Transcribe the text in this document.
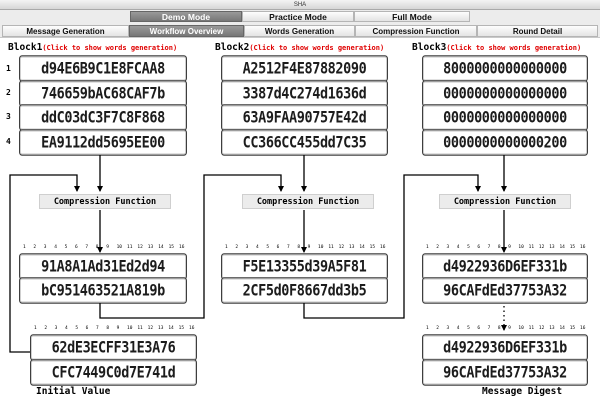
SHA
Demo Mode	Practice Mode	Full Mode
Message Generation	Workflow Overview	Words Generation	Compression Function	Round Detail
Block1(Click to show words generation)	Block2(Click to show words generation)	Block3(Click to show words generation)
1
2
3
4
d94E6B9C1E8FCAA8
746659bAC68CAF7b
ddC03dC3F7C8F868
EA9112dd5695EE00
A2512F4E87882090
3387d4C274d1636d
63A9FAA90757E42d
CC366CC455dd7C35
8000000000000000
0000000000000000
0000000000000000
0000000000000200
Compression Function	Compression Function	Compression Function
1 2 3 4 5 6 7 8 9 10 11 12 13 14 15 16	1 2 3 4 5 6 7 8 9 10 11 12 13 14 15 16	1 2 3 4 5 6 7 8 9 10 11 12 13 14 15 16
1 2 3 4 5 6 7 8 9 10 11 12 13 14 15 16	1 2 3 4 5 6 7 8 9 10 11 12 13 14 15 16
91A8A1Ad31Ed2d94
bC951463521A819b
F5E13355d39A5F81
2CF5d0F8667dd3b5
d4922936D6EF331b
96CAFdEd37753A32
62dE3ECFF31E3A76
CFC7449C0d7E741d
d4922936D6EF331b
96CAFdEd37753A32
Initial Value	Message Digest
